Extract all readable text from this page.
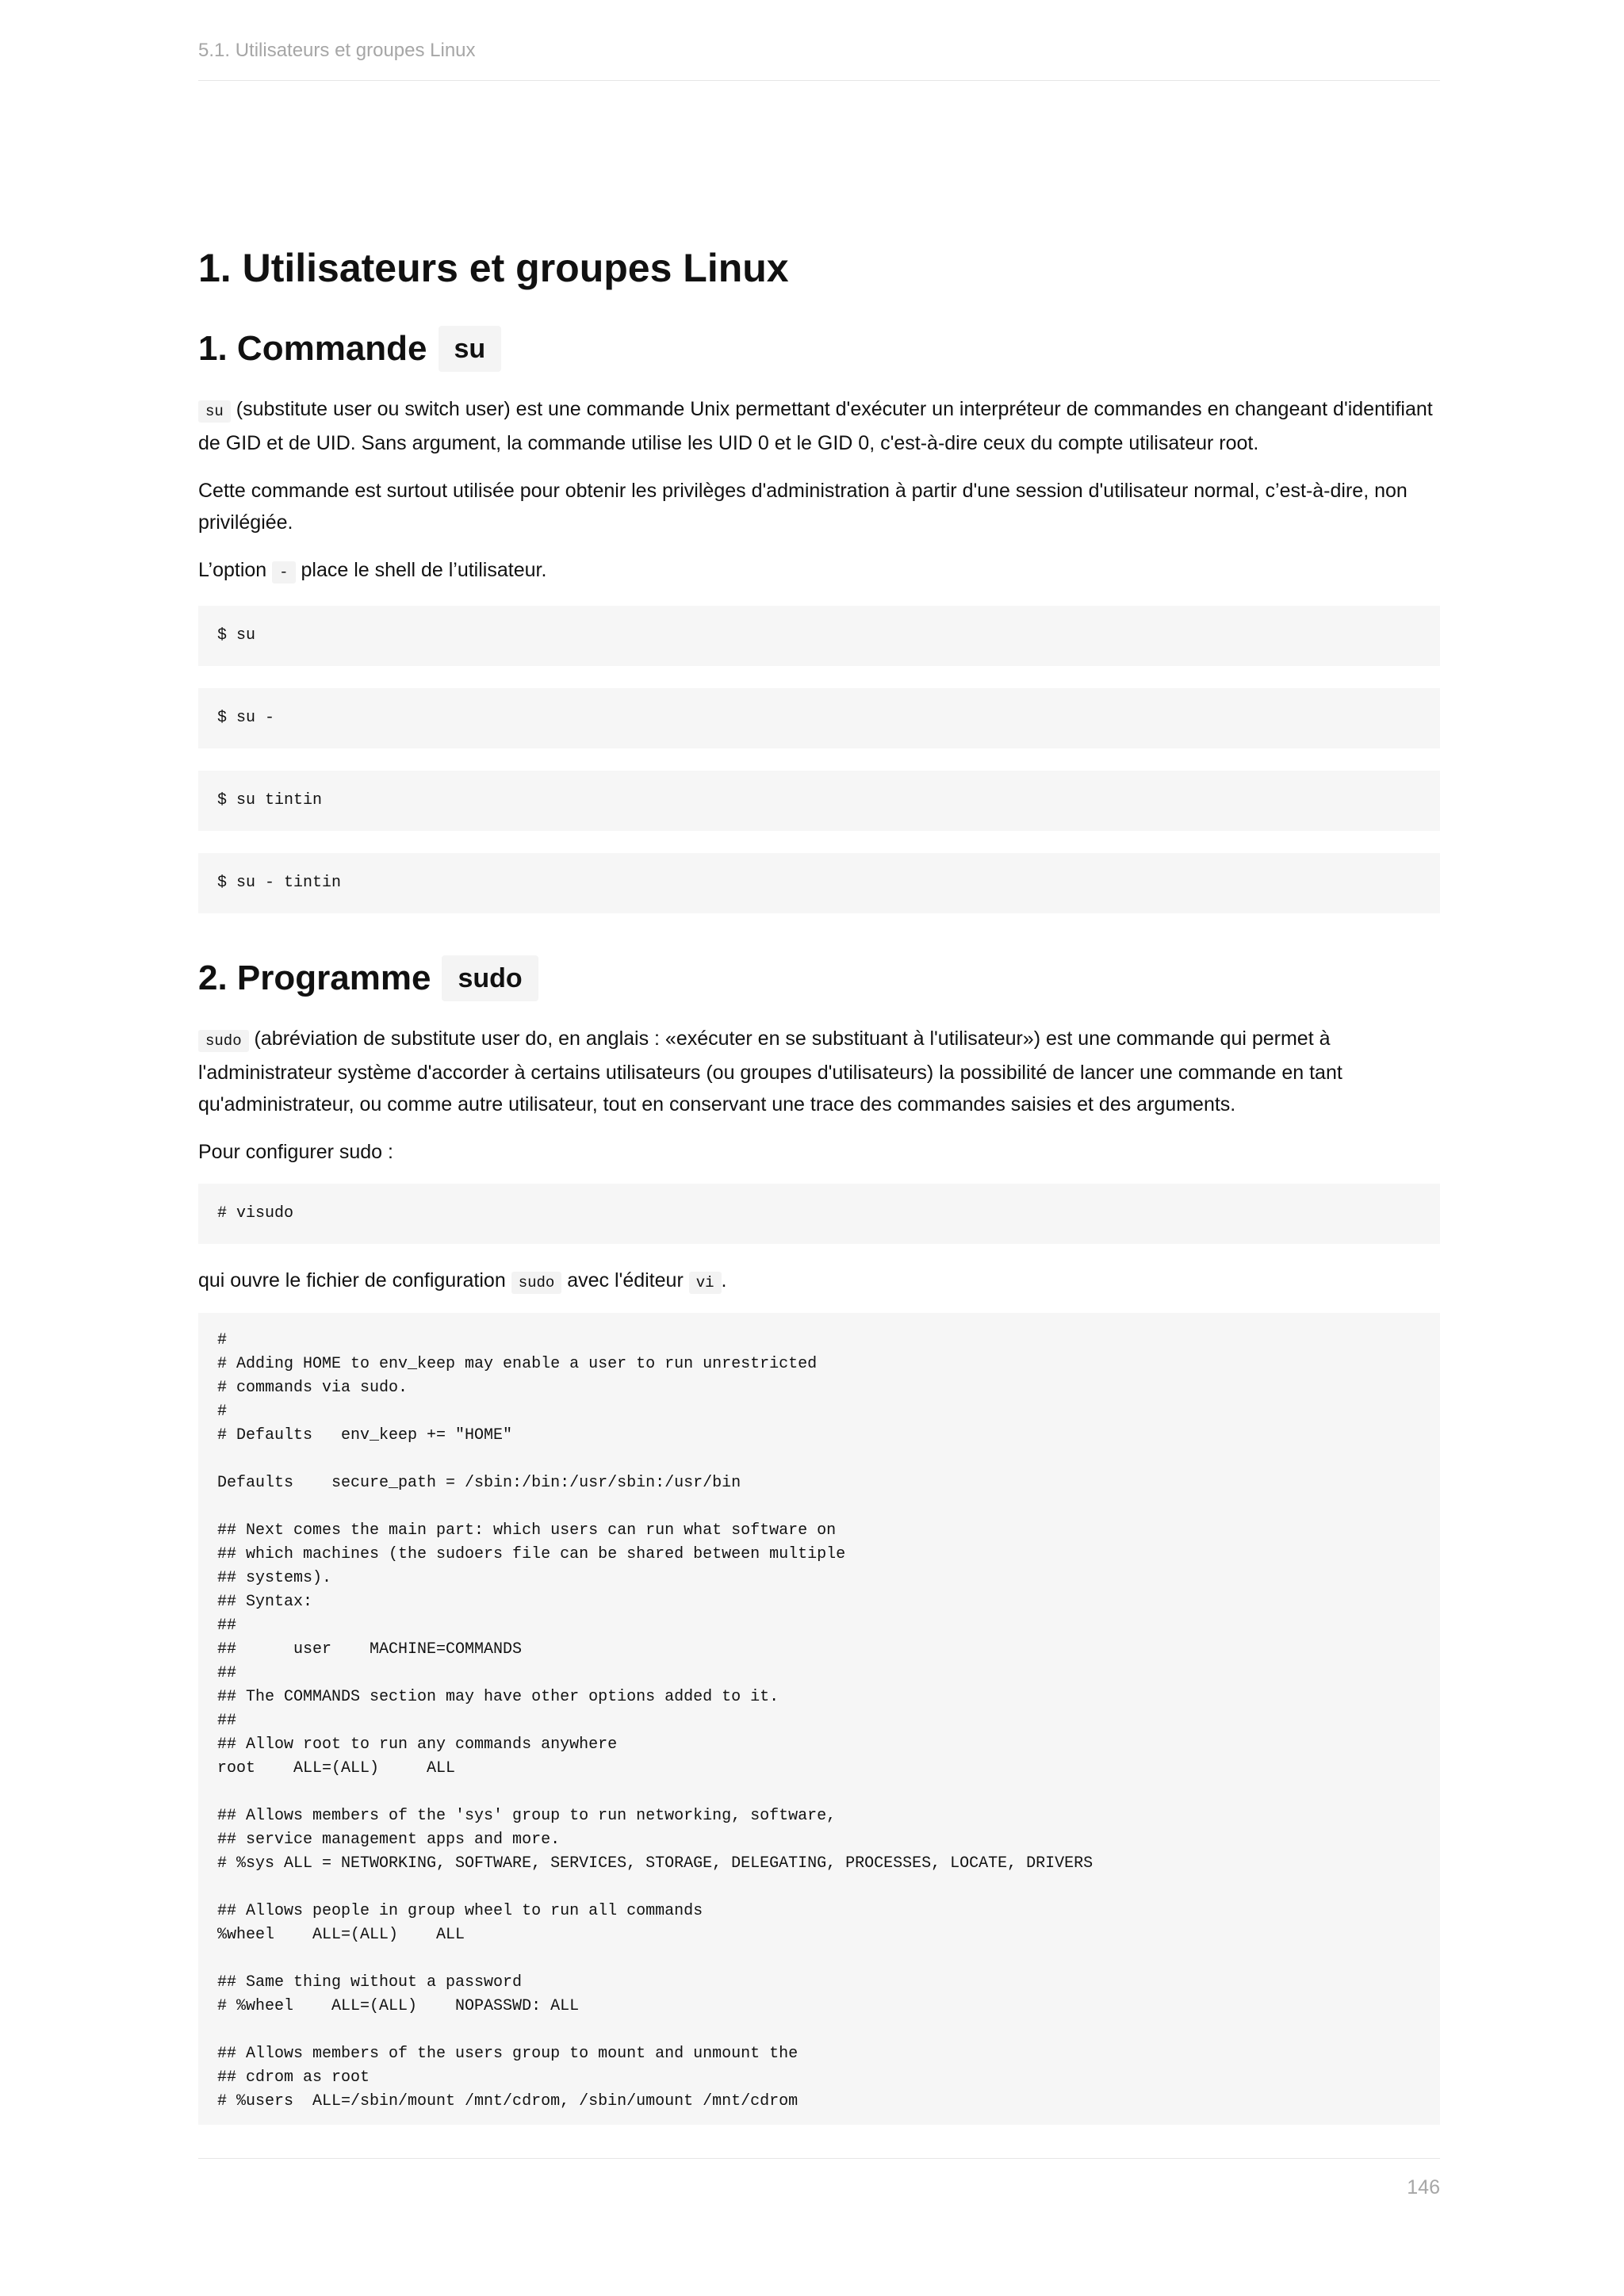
5.1. Utilisateurs et groupes Linux
1. Utilisateurs et groupes Linux
1. Commande	su

su (substitute user ou switch user) est une commande Unix permettant d'exécuter un interpréteur de commandes en changeant d'identifiant de GID et de UID. Sans argument, la commande utilise les UID 0 et le GID 0, c'est-à-dire ceux du compte utilisateur root.

Cette commande est surtout utilisée pour obtenir les privilèges d'administration à partir d'une session d'utilisateur normal, c’est-à-dire, non privilégiée.

L’option - place le shell de l’utilisateur.

$ su
$ su -
$ su tintin
$ su - tintin
2. Programme	sudo

sudo (abréviation de substitute user do, en anglais : «exécuter en se substituant à l'utilisateur») est une commande qui permet à l'administrateur système d'accorder à certains utilisateurs (ou groupes d'utilisateurs) la possibilité de lancer une commande en tant qu'administrateur, ou comme autre utilisateur, tout en conservant une trace des commandes saisies et des arguments.

Pour configurer sudo :

# visudo

qui ouvre le fichier de configuration sudo avec l'éditeur vi .

#
# Adding HOME to env_keep may enable a user to run unrestricted
# commands via sudo.
#
# Defaults   env_keep += "HOME"

Defaults    secure_path = /sbin:/bin:/usr/sbin:/usr/bin

## Next comes the main part: which users can run what software on
## which machines (the sudoers file can be shared between multiple
## systems).
## Syntax:
##
##      user    MACHINE=COMMANDS
##
## The COMMANDS section may have other options added to it.
##
## Allow root to run any commands anywhere
root    ALL=(ALL)     ALL

## Allows members of the 'sys' group to run networking, software,
## service management apps and more.
# %sys ALL = NETWORKING, SOFTWARE, SERVICES, STORAGE, DELEGATING, PROCESSES, LOCATE, DRIVERS

## Allows people in group wheel to run all commands
%wheel    ALL=(ALL)    ALL

## Same thing without a password
# %wheel    ALL=(ALL)    NOPASSWD: ALL

## Allows members of the users group to mount and unmount the
## cdrom as root
# %users  ALL=/sbin/mount /mnt/cdrom, /sbin/umount /mnt/cdrom
146
